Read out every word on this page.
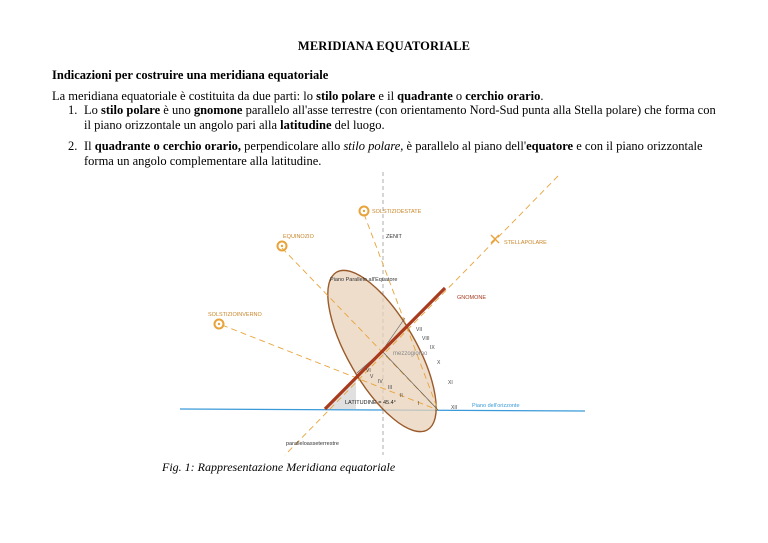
MERIDIANA EQUATORIALE
Indicazioni per costruire una meridiana equatoriale
La meridiana equatoriale è costituita da due parti: lo stilo polare e il quadrante o cerchio orario.
1. Lo stilo polare è uno gnomone parallelo all'asse terrestre (con orientamento Nord-Sud punta alla Stella polare) che forma con il piano orizzontale un angolo pari alla latitudine del luogo.
2. Il quadrante o cerchio orario, perpendicolare allo stilo polare, è parallelo al piano dell'equatore e con il piano orizzontale forma un angolo complementare alla latitudine.
SOLSTIZIOESTATE
ZENIT
EQUINOZIO
STELLAPOLARE
Piano Parallelo all'Equatore
GNOMONE
SOLSTIZIOINVERNO
mezzogiorno
LATITUDINE = 45.4°	Piano dell'orizzonte
paralleloasseterrestre
VII
VIII
IX
X
XI
XII
VI
V
IV
III
II
I
Fig. 1: Rappresentazione Meridiana equatoriale
